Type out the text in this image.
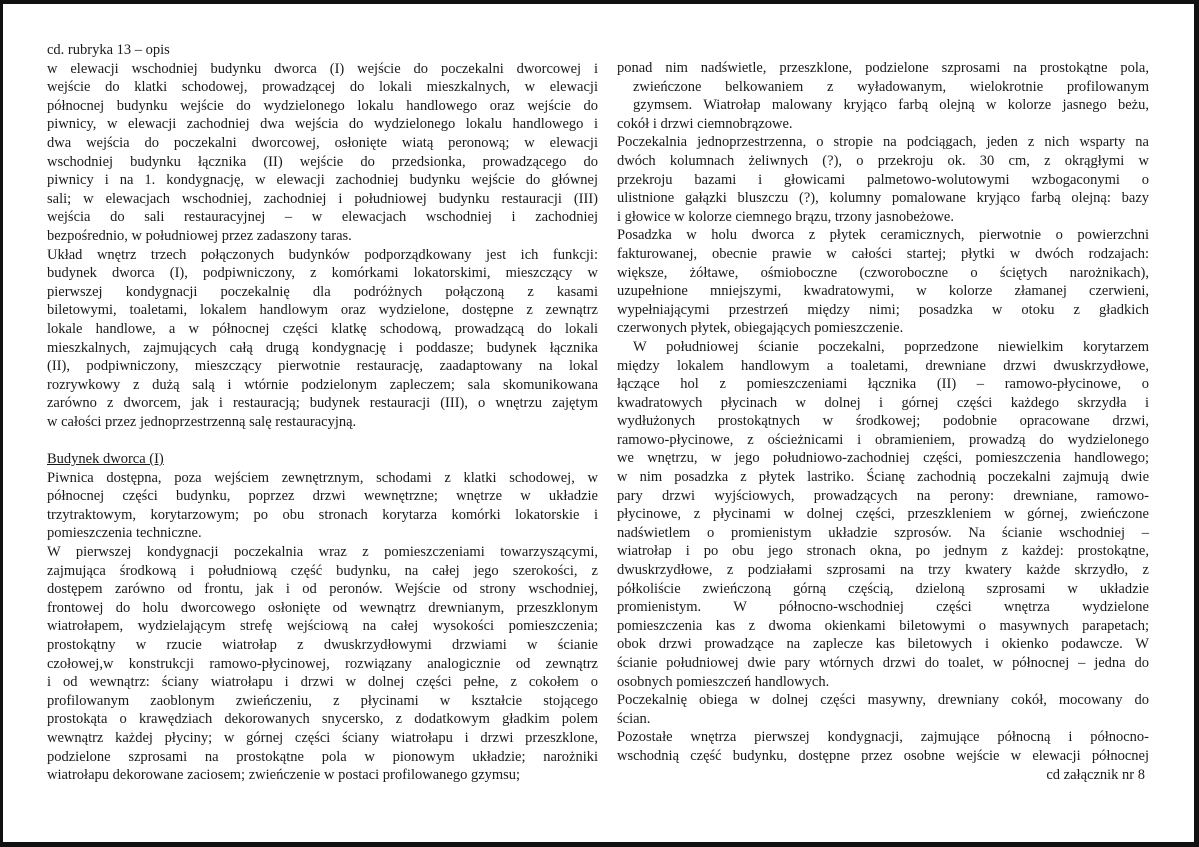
cd. rubryka 13 – opis
w elewacji wschodniej budynku dworca (I) wejście do poczekalni dworcowej i
wejście do klatki schodowej, prowadzącej do lokali mieszkalnych, w elewacji
północnej budynku wejście do wydzielonego lokalu handlowego oraz wejście do
piwnicy, w elewacji zachodniej dwa wejścia do wydzielonego lokalu handlowego i
dwa wejścia do poczekalni dworcowej, osłonięte wiatą peronową; w elewacji
wschodniej budynku łącznika (II) wejście do przedsionka, prowadzącego do
piwnicy i na 1. kondygnację, w elewacji zachodniej budynku wejście do głównej
sali; w elewacjach wschodniej, zachodniej i południowej budynku restauracji (III)
wejścia do sali restauracyjnej – w elewacjach wschodniej i zachodniej
bezpośrednio, w południowej przez zadaszony taras.
Układ wnętrz trzech połączonych budynków podporządkowany jest ich funkcji:
budynek dworca (I), podpiwniczony, z komórkami lokatorskimi, mieszczący w
pierwszej kondygnacji poczekalnię dla podróżnych połączoną z kasami
biletowymi, toaletami, lokalem handlowym oraz wydzielone, dostępne z zewnątrz
lokale handlowe, a w północnej części klatkę schodową, prowadzącą do lokali
mieszkalnych, zajmujących całą drugą kondygnację i poddasze; budynek łącznika
(II), podpiwniczony, mieszczący pierwotnie restaurację, zaadaptowany na lokal
rozrywkowy z dużą salą i wtórnie podzielonym zapleczem; sala skomunikowana
zarówno z dworcem, jak i restauracją; budynek restauracji (III), o wnętrzu zajętym
w całości przez jednoprzestrzenną salę restauracyjną.
Budynek dworca (I)
Piwnica dostępna, poza wejściem zewnętrznym, schodami z klatki schodowej, w
północnej części budynku, poprzez drzwi wewnętrzne; wnętrze w układzie
trzytraktowym, korytarzowym; po obu stronach korytarza komórki lokatorskie i
pomieszczenia techniczne.
W pierwszej kondygnacji poczekalnia wraz z pomieszczeniami towarzyszącymi,
zajmująca środkową i południową część budynku, na całej jego szerokości, z
dostępem zarówno od frontu, jak i od peronów. Wejście od strony wschodniej,
frontowej do holu dworcowego osłonięte od wewnątrz drewnianym, przeszklonym
wiatrołapem, wydzielającym strefę wejściową na całej wysokości pomieszczenia;
prostokątny w rzucie wiatrołap z dwuskrzydłowymi drzwiami w ścianie
czołowej,w konstrukcji ramowo-płycinowej, rozwiązany analogicznie od zewnątrz
i od wewnątrz: ściany wiatrołapu i drzwi w dolnej części pełne, z cokołem o
profilowanym zaoblonym zwieńczeniu, z płycinami w kształcie stojącego
prostokąta o krawędziach dekorowanych snycersko, z dodatkowym gładkim polem
wewnątrz każdej płyciny; w górnej części ściany wiatrołapu i drzwi przeszklone,
podzielone szprosami na prostokątne pola w pionowym układzie; narożniki
wiatrołapu dekorowane zaciosem; zwieńczenie w postaci profilowanego gzymsu;
ponad nim nadświetle, przeszklone, podzielone szprosami na prostokątne pola,
zwieńczone belkowaniem z wyładowanym, wielokrotnie profilowanym
gzymsem. Wiatrołap malowany kryjąco farbą olejną w kolorze jasnego beżu,
cokół i drzwi ciemnobrązowe.
Poczekalnia jednoprzestrzenna, o stropie na podciągach, jeden z nich wsparty na
dwóch kolumnach żeliwnych (?), o przekroju ok. 30 cm, z okrągłymi w
przekroju bazami i głowicami palmetowo-wolutowymi wzbogaconymi o
ulistnione gałązki bluszczu (?), kolumny pomalowane kryjąco farbą olejną: bazy
i głowice w kolorze ciemnego brązu, trzony jasnobeżowe.
Posadzka w holu dworca z płytek ceramicznych, pierwotnie o powierzchni
fakturowanej, obecnie prawie w całości startej; płytki w dwóch rodzajach:
większe, żółtawe, ośmioboczne (czworoboczne o ściętych narożnikach),
uzupełnione mniejszymi, kwadratowymi, w kolorze złamanej czerwieni,
wypełniającymi przestrzeń między nimi; posadzka w otoku z gładkich
czerwonych płytek, obiegających pomieszczenie.
W południowej ścianie poczekalni, poprzedzone niewielkim korytarzem
między lokalem handlowym a toaletami, drewniane drzwi dwuskrzydłowe,
łączące hol z pomieszczeniami łącznika (II) – ramowo-płycinowe, o
kwadratowych płycinach w dolnej i górnej części każdego skrzydła i
wydłużonych prostokątnych w środkowej; podobnie opracowane drzwi,
ramowo-płycinowe, z ościeżnicami i obramieniem, prowadzą do wydzielonego
we wnętrzu, w jego południowo-zachodniej części, pomieszczenia handlowego;
w nim posadzka z płytek lastriko. Ścianę zachodnią poczekalni zajmują dwie
pary drzwi wyjściowych, prowadzących na perony: drewniane, ramowo-
płycinowe, z płycinami w dolnej części, przeszkleniem w górnej, zwieńczone
nadświetlem o promienistym układzie szprosów. Na ścianie wschodniej –
wiatrołap i po obu jego stronach okna, po jednym z każdej: prostokątne,
dwuskrzydłowe, z podziałami szprosami na trzy kwatery każde skrzydło, z
półkoliście zwieńczoną górną częścią, dzieloną szprosami w układzie
promienistym. W północno-wschodniej części wnętrza wydzielone
pomieszczenia kas z dwoma okienkami biletowymi o masywnych parapetach;
obok drzwi prowadzące na zaplecze kas biletowych i okienko podawcze. W
ścianie południowej dwie pary wtórnych drzwi do toalet, w północnej – jedna do
osobnych pomieszczeń handlowych.
Poczekalnię obiega w dolnej części masywny, drewniany cokół, mocowany do
ścian.
Pozostałe wnętrza pierwszej kondygnacji, zajmujące północną i północno-
wschodnią część budynku, dostępne przez osobne wejście w elewacji północnej
cd załącznik nr 8
